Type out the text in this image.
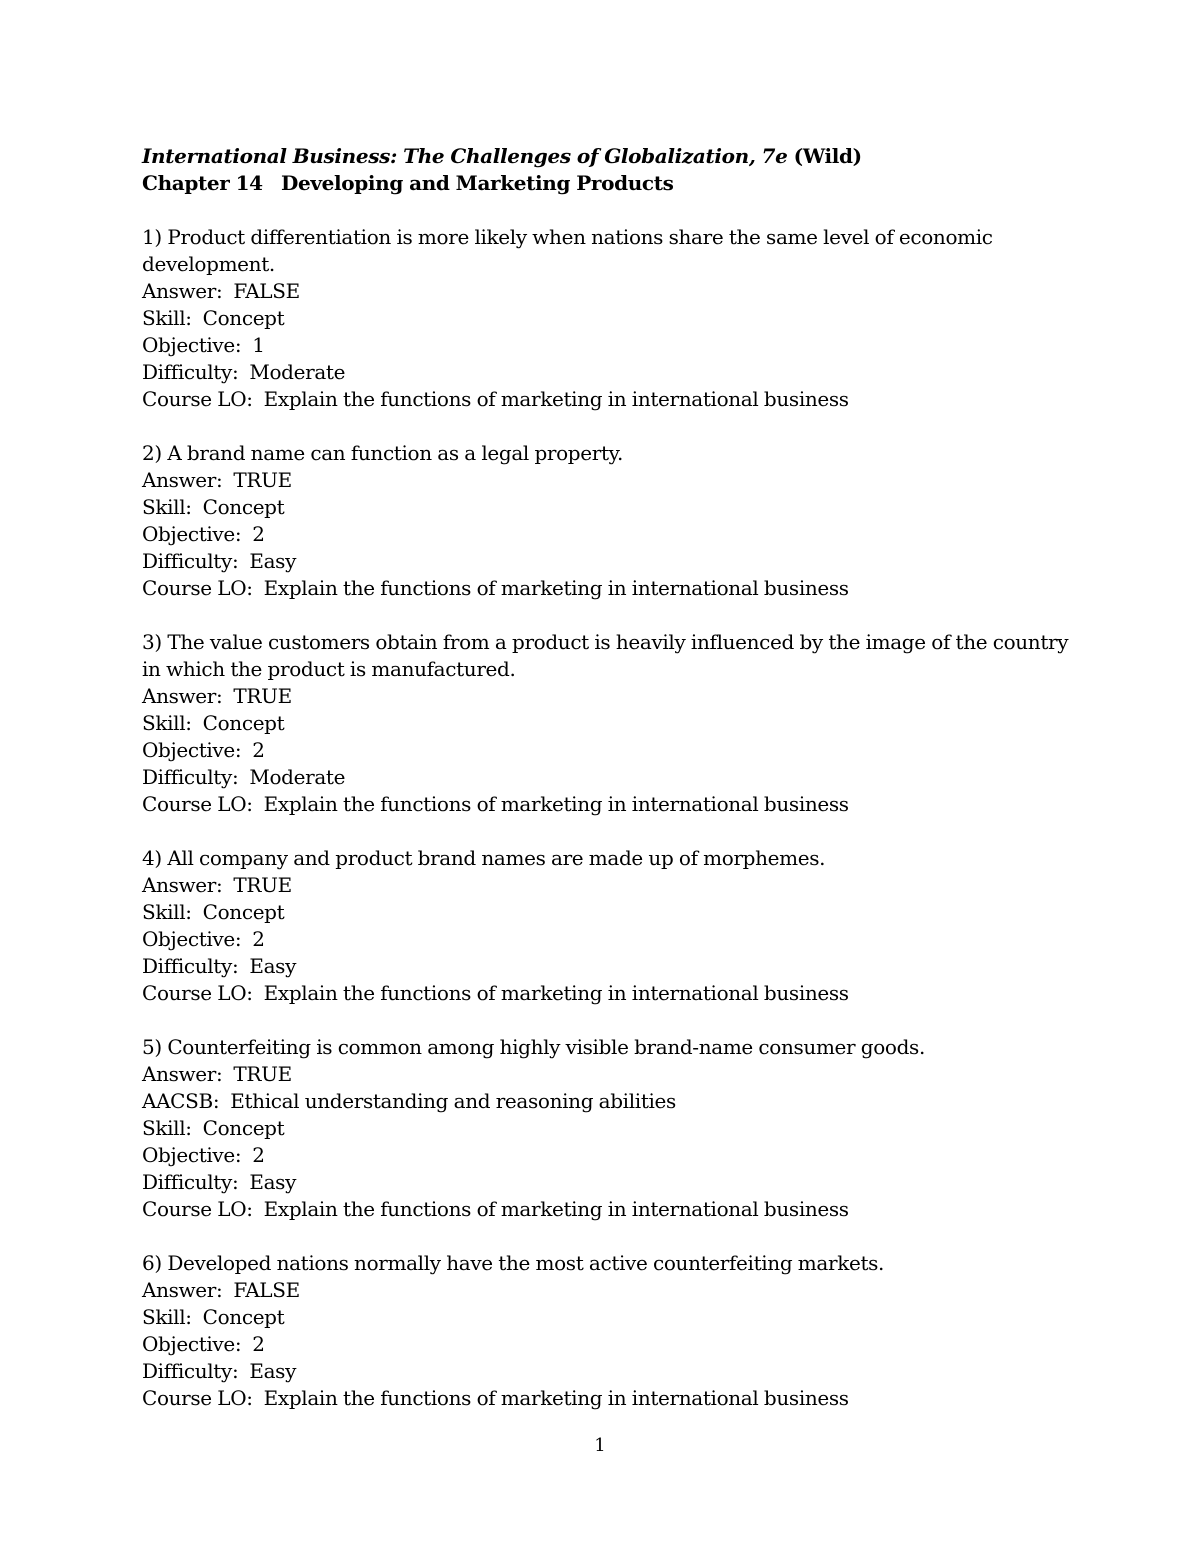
International Business: The Challenges of Globalization, 7e (Wild)
Chapter 14   Developing and Marketing Products
1) Product differentiation is more likely when nations share the same level of economic development.
Answer:  FALSE
Skill:  Concept
Objective:  1
Difficulty:  Moderate
Course LO:  Explain the functions of marketing in international business
2) A brand name can function as a legal property.
Answer:  TRUE
Skill:  Concept
Objective:  2
Difficulty:  Easy
Course LO:  Explain the functions of marketing in international business
3) The value customers obtain from a product is heavily influenced by the image of the country in which the product is manufactured.
Answer:  TRUE
Skill:  Concept
Objective:  2
Difficulty:  Moderate
Course LO:  Explain the functions of marketing in international business
4) All company and product brand names are made up of morphemes.
Answer:  TRUE
Skill:  Concept
Objective:  2
Difficulty:  Easy
Course LO:  Explain the functions of marketing in international business
5) Counterfeiting is common among highly visible brand-name consumer goods.
Answer:  TRUE
AACSB:  Ethical understanding and reasoning abilities
Skill:  Concept
Objective:  2
Difficulty:  Easy
Course LO:  Explain the functions of marketing in international business
6) Developed nations normally have the most active counterfeiting markets.
Answer:  FALSE
Skill:  Concept
Objective:  2
Difficulty:  Easy
Course LO:  Explain the functions of marketing in international business
1
